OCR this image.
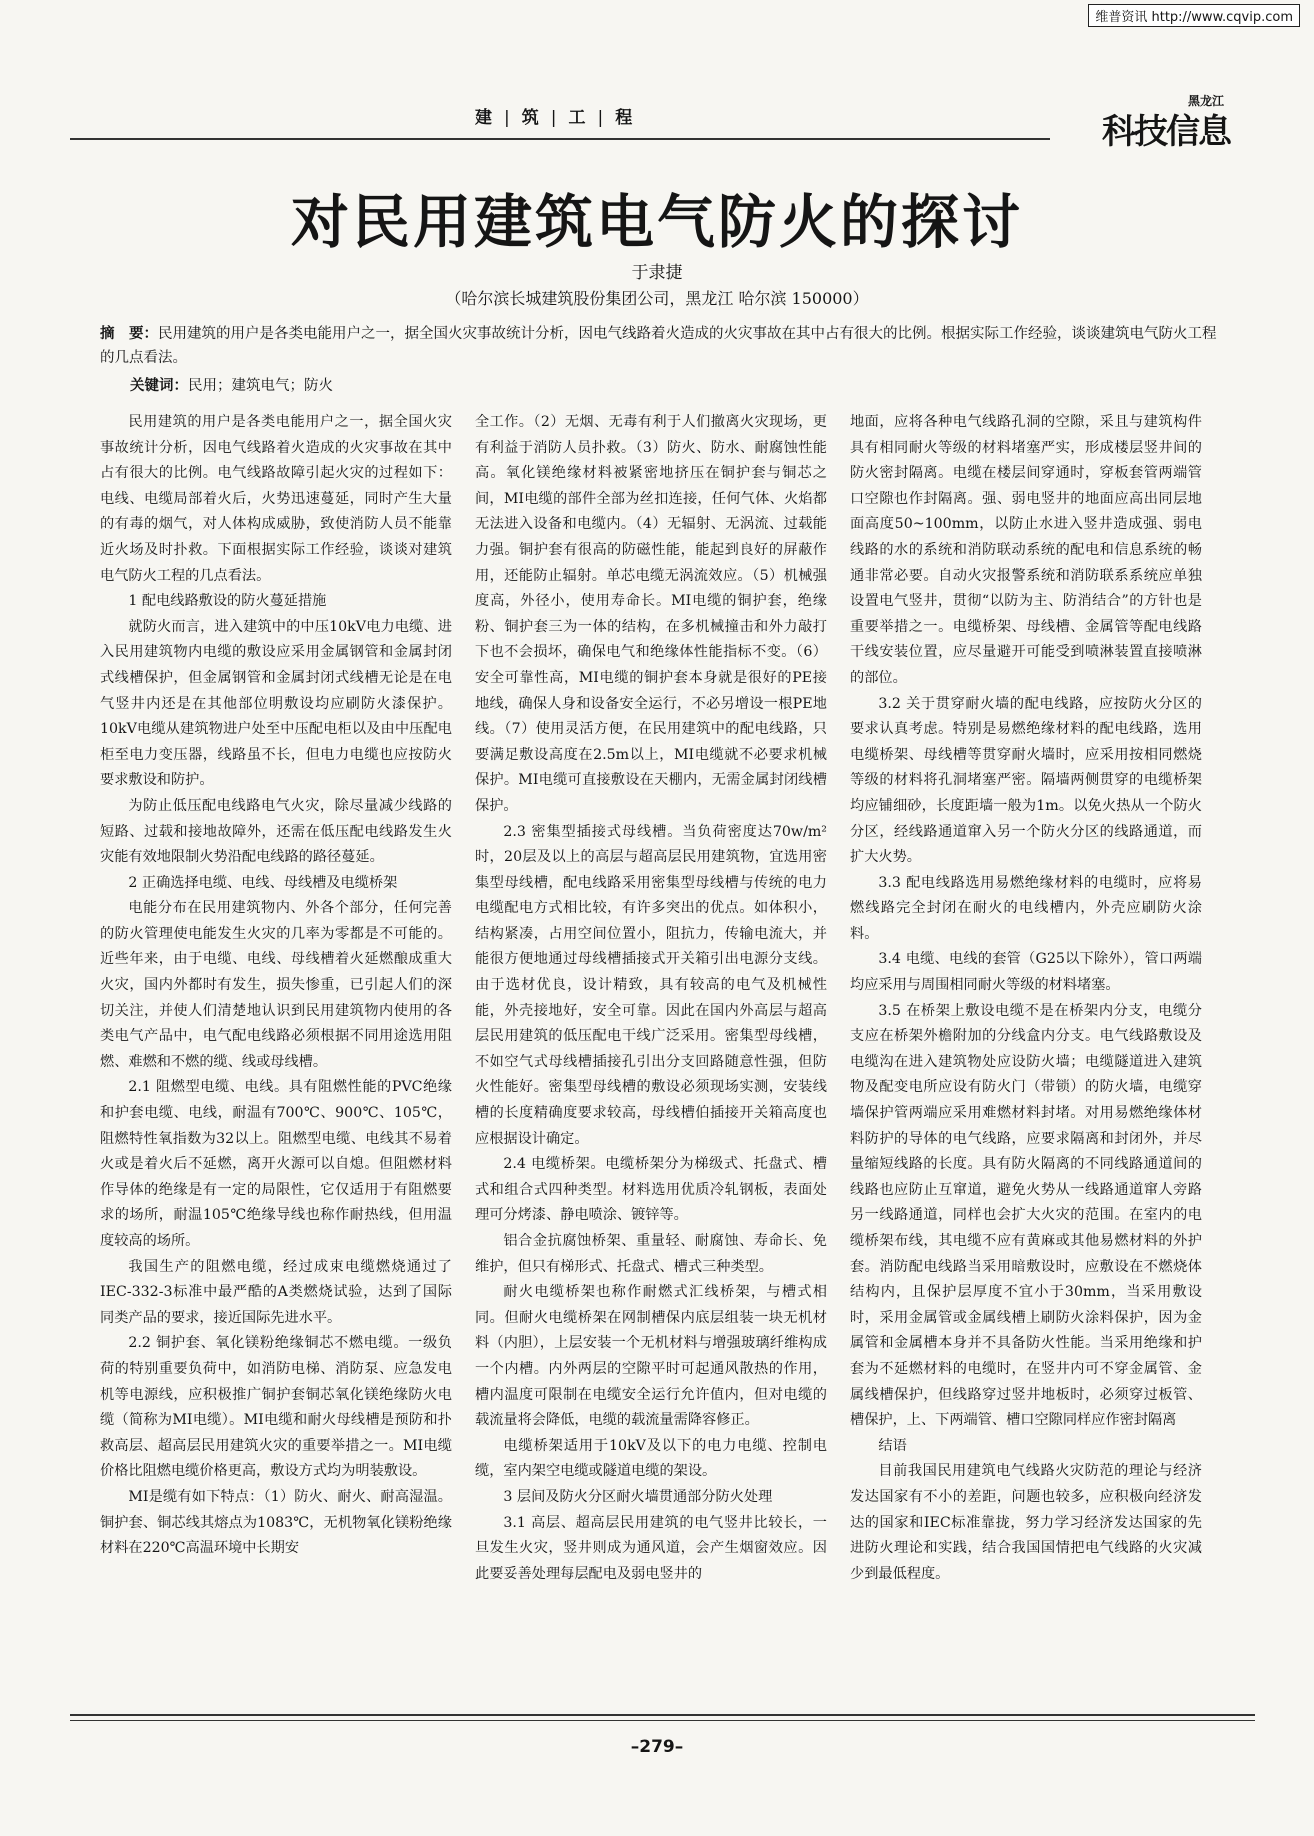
维普资讯 http://www.cqvip.com
建 | 筑 | 工 | 程
黑龙江
科技信息
对民用建筑电气防火的探讨
于隶捷
（哈尔滨长城建筑股份集团公司，黑龙江 哈尔滨 150000）
摘　要：民用建筑的用户是各类电能用户之一，据全国火灾事故统计分析，因电气线路着火造成的火灾事故在其中占有很大的比例。根据实际工作经验，谈谈建筑电气防火工程的几点看法。
关键词：民用；建筑电气；防火

民用建筑的用户是各类电能用户之一，据全国火灾事故统计分析，因电气线路着火造成的火灾事故在其中占有很大的比例。电气线路故障引起火灾的过程如下：电线、电缆局部着火后，火势迅速蔓延，同时产生大量的有毒的烟气，对人体构成威胁，致使消防人员不能靠近火场及时扑救。下面根据实际工作经验，谈谈对建筑电气防火工程的几点看法。

1 配电线路敷设的防火蔓延措施

就防火而言，进入建筑中的中压10kV电力电缆、进入民用建筑物内电缆的敷设应采用金属钢管和金属封闭式线槽保护，但金属钢管和金属封闭式线槽无论是在电气竖井内还是在其他部位明敷设均应刷防火漆保护。10kV电缆从建筑物进户处至中压配电柜以及由中压配电柜至电力变压器，线路虽不长，但电力电缆也应按防火要求敷设和防护。

为防止低压配电线路电气火灾，除尽量减少线路的短路、过载和接地故障外，还需在低压配电线路发生火灾能有效地限制火势沿配电线路的路径蔓延。

2 正确选择电缆、电线、母线槽及电缆桥架

电能分布在民用建筑物内、外各个部分，任何完善的防火管理使电能发生火灾的几率为零都是不可能的。近些年来，由于电缆、电线、母线槽着火延燃酿成重大火灾，国内外都时有发生，损失惨重，已引起人们的深切关注，并使人们清楚地认识到民用建筑物内使用的各类电气产品中，电气配电线路必须根据不同用途选用阻燃、难燃和不燃的缆、线或母线槽。

2.1 阻燃型电缆、电线。具有阻燃性能的PVC绝缘和护套电缆、电线，耐温有700℃、900℃、105℃，阻燃特性氧指数为32以上。阻燃型电缆、电线其不易着火或是着火后不延燃，离开火源可以自熄。但阻燃材料作导体的绝缘是有一定的局限性，它仅适用于有阻燃要求的场所，耐温105℃绝缘导线也称作耐热线，但用温度较高的场所。

我国生产的阻燃电缆，经过成束电缆燃烧通过了IEC-332-3标准中最严酷的A类燃烧试验，达到了国际同类产品的要求，接近国际先进水平。

2.2 铜护套、氧化镁粉绝缘铜芯不燃电缆。一级负荷的特别重要负荷中，如消防电梯、消防泵、应急发电机等电源线，应积极推广铜护套铜芯氧化镁绝缘防火电缆（简称为MI电缆）。MI电缆和耐火母线槽是预防和扑救高层、超高层民用建筑火灾的重要举措之一。MI电缆价格比阻燃电缆价格更高，敷设方式均为明装敷设。

MI是缆有如下特点：（1）防火、耐火、耐高湿温。铜护套、铜芯线其熔点为1083℃，无机物氧化镁粉绝缘材料在220℃高温环境中长期安

全工作。（2）无烟、无毒有利于人们撤离火灾现场，更有利益于消防人员扑救。（3）防火、防水、耐腐蚀性能高。氧化镁绝缘材料被紧密地挤压在铜护套与铜芯之间，MI电缆的部件全部为丝扣连接，任何气体、火焰都无法进入设备和电缆内。（4）无辐射、无涡流、过载能力强。铜护套有很高的防磁性能，能起到良好的屏蔽作用，还能防止辐射。单芯电缆无涡流效应。（5）机械强度高，外径小，使用寿命长。MI电缆的铜护套，绝缘粉、铜护套三为一体的结构，在多机械撞击和外力敲打下也不会损坏，确保电气和绝缘体性能指标不变。（6）安全可靠性高，MI电缆的铜护套本身就是很好的PE接地线，确保人身和设备安全运行，不必另增设一根PE地线。（7）使用灵活方便，在民用建筑中的配电线路，只要满足敷设高度在2.5m以上，MI电缆就不必要求机械保护。MI电缆可直接敷设在天棚内，无需金属封闭线槽保护。

2.3 密集型插接式母线槽。当负荷密度达70w/m²时，20层及以上的高层与超高层民用建筑物，宜选用密集型母线槽，配电线路采用密集型母线槽与传统的电力电缆配电方式相比较，有许多突出的优点。如体积小，结构紧凑，占用空间位置小，阻抗力，传输电流大，并能很方便地通过母线槽插接式开关箱引出电源分支线。由于选材优良，设计精致，具有较高的电气及机械性能，外壳接地好，安全可靠。因此在国内外高层与超高层民用建筑的低压配电干线广泛采用。密集型母线槽，不如空气式母线槽插接孔引出分支回路随意性强，但防火性能好。密集型母线槽的敷设必须现场实测，安装线槽的长度精确度要求较高，母线槽伯插接开关箱高度也应根据设计确定。

2.4 电缆桥架。电缆桥架分为梯级式、托盘式、槽式和组合式四种类型。材料选用优质冷轧钢板，表面处理可分烤漆、静电喷涂、镀锌等。

铝合金抗腐蚀桥架、重量轻、耐腐蚀、寿命长、免维护，但只有梯形式、托盘式、槽式三种类型。

耐火电缆桥架也称作耐燃式汇线桥架，与槽式相同。但耐火电缆桥架在网制槽保内底层组装一块无机材料（内胆），上层安装一个无机材料与增强玻璃纤维构成一个内槽。内外两层的空隙平时可起通风散热的作用，槽内温度可限制在电缆安全运行允许值内，但对电缆的载流量将会降低，电缆的载流量需降容修正。

电缆桥架适用于10kV及以下的电力电缆、控制电缆，室内架空电缆或隧道电缆的架设。

3 层间及防火分区耐火墙贯通部分防火处理

3.1 高层、超高层民用建筑的电气竖井比较长，一旦发生火灾，竖井则成为通风道，会产生烟窗效应。因此要妥善处理每层配电及弱电竖井的

地面，应将各种电气线路孔洞的空隙，采且与建筑构件具有相同耐火等级的材料堵塞严实，形成楼层竖井间的防火密封隔离。电缆在楼层间穿通时，穿板套管两端管口空隙也作封隔离。强、弱电竖井的地面应高出同层地面高度50~100mm，以防止水进入竖井造成强、弱电线路的水的系统和消防联动系统的配电和信息系统的畅通非常必要。自动火灾报警系统和消防联系系统应单独设置电气竖井，贯彻“以防为主、防消结合”的方针也是重要举措之一。电缆桥架、母线槽、金属管等配电线路干线安装位置，应尽量避开可能受到喷淋装置直接喷淋的部位。

3.2 关于贯穿耐火墙的配电线路，应按防火分区的要求认真考虑。特别是易燃绝缘材料的配电线路，选用电缆桥架、母线槽等贯穿耐火墙时，应采用按相同燃烧等级的材料将孔洞堵塞严密。隔墙两侧贯穿的电缆桥架均应铺细砂，长度距墙一般为1m。以免火热从一个防火分区，经线路通道窜入另一个防火分区的线路通道，而扩大火势。

3.3 配电线路选用易燃绝缘材料的电缆时，应将易燃线路完全封闭在耐火的电线槽内，外壳应刷防火涂料。

3.4 电缆、电线的套管（G25以下除外），管口两端均应采用与周围相同耐火等级的材料堵塞。

3.5 在桥架上敷设电缆不是在桥架内分支，电缆分支应在桥架外檐附加的分线盒内分支。电气线路敷设及电缆沟在进入建筑物处应设防火墙；电缆隧道进入建筑物及配变电所应设有防火门（带锁）的防火墙，电缆穿墙保护管两端应采用难燃材料封堵。对用易燃绝缘体材料防护的导体的电气线路，应要求隔离和封闭外，并尽量缩短线路的长度。具有防火隔离的不同线路通道间的线路也应防止互窜道，避免火势从一线路通道窜人旁路另一线路通道，同样也会扩大火灾的范围。在室内的电缆桥架布线，其电缆不应有黄麻或其他易燃材料的外护套。消防配电线路当采用暗敷设时，应敷设在不燃烧体结构内，且保护层厚度不宜小于30mm，当采用敷设时，采用金属管或金属线槽上刷防火涂料保护，因为金属管和金属槽本身并不具备防火性能。当采用绝缘和护套为不延燃材料的电缆时，在竖井内可不穿金属管、金属线槽保护，但线路穿过竖井地板时，必须穿过板管、槽保护，上、下两端管、槽口空隙同样应作密封隔离

结语

目前我国民用建筑电气线路火灾防范的理论与经济发达国家有不小的差距，问题也较多，应积极向经济发达的国家和IEC标准靠拢，努力学习经济发达国家的先进防火理论和实践，结合我国国情把电气线路的火灾减少到最低程度。

–279–
